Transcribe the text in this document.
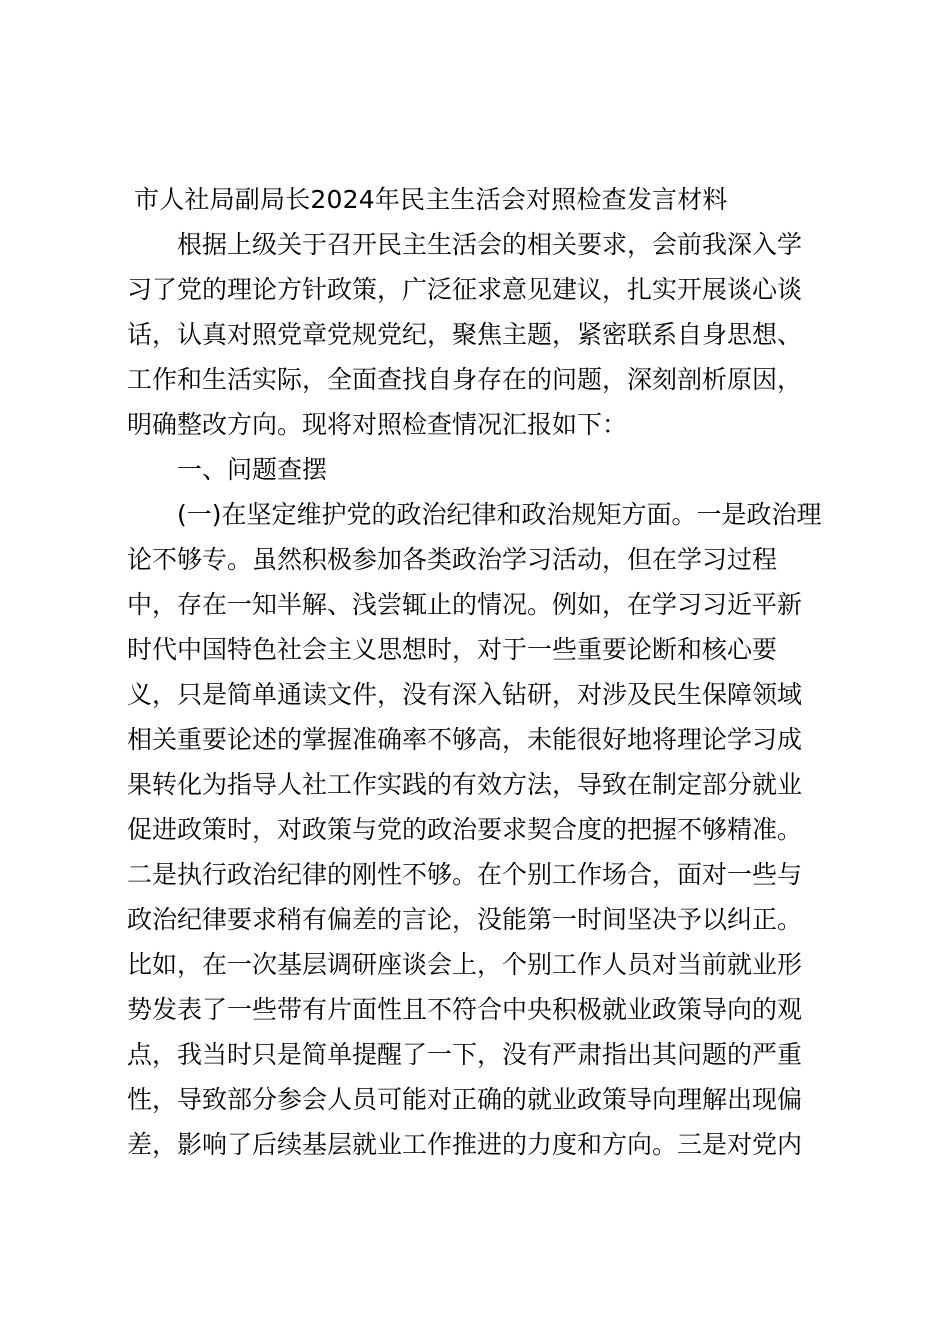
市人社局副局长2024年民主生活会对照检查发言材料

根据上级关于召开民主生活会的相关要求，会前我深入学
习了党的理论方针政策，广泛征求意见建议，扎实开展谈心谈
话，认真对照党章党规党纪，聚焦主题，紧密联系自身思想、
工作和生活实际，全面查找自身存在的问题，深刻剖析原因，
明确整改方向。现将对照检查情况汇报如下：

一、问题查摆

(一)在坚定维护党的政治纪律和政治规矩方面。一是政治理
论不够专。虽然积极参加各类政治学习活动，但在学习过程
中，存在一知半解、浅尝辄止的情况。例如，在学习习近平新
时代中国特色社会主义思想时，对于一些重要论断和核心要
义，只是简单通读文件，没有深入钻研，对涉及民生保障领域
相关重要论述的掌握准确率不够高，未能很好地将理论学习成
果转化为指导人社工作实践的有效方法，导致在制定部分就业
促进政策时，对政策与党的政治要求契合度的把握不够精准。
二是执行政治纪律的刚性不够。在个别工作场合，面对一些与
政治纪律要求稍有偏差的言论，没能第一时间坚决予以纠正。
比如，在一次基层调研座谈会上，个别工作人员对当前就业形
势发表了一些带有片面性且不符合中央积极就业政策导向的观
点，我当时只是简单提醒了一下，没有严肃指出其问题的严重
性，导致部分参会人员可能对正确的就业政策导向理解出现偏
差，影响了后续基层就业工作推进的力度和方向。三是对党内
